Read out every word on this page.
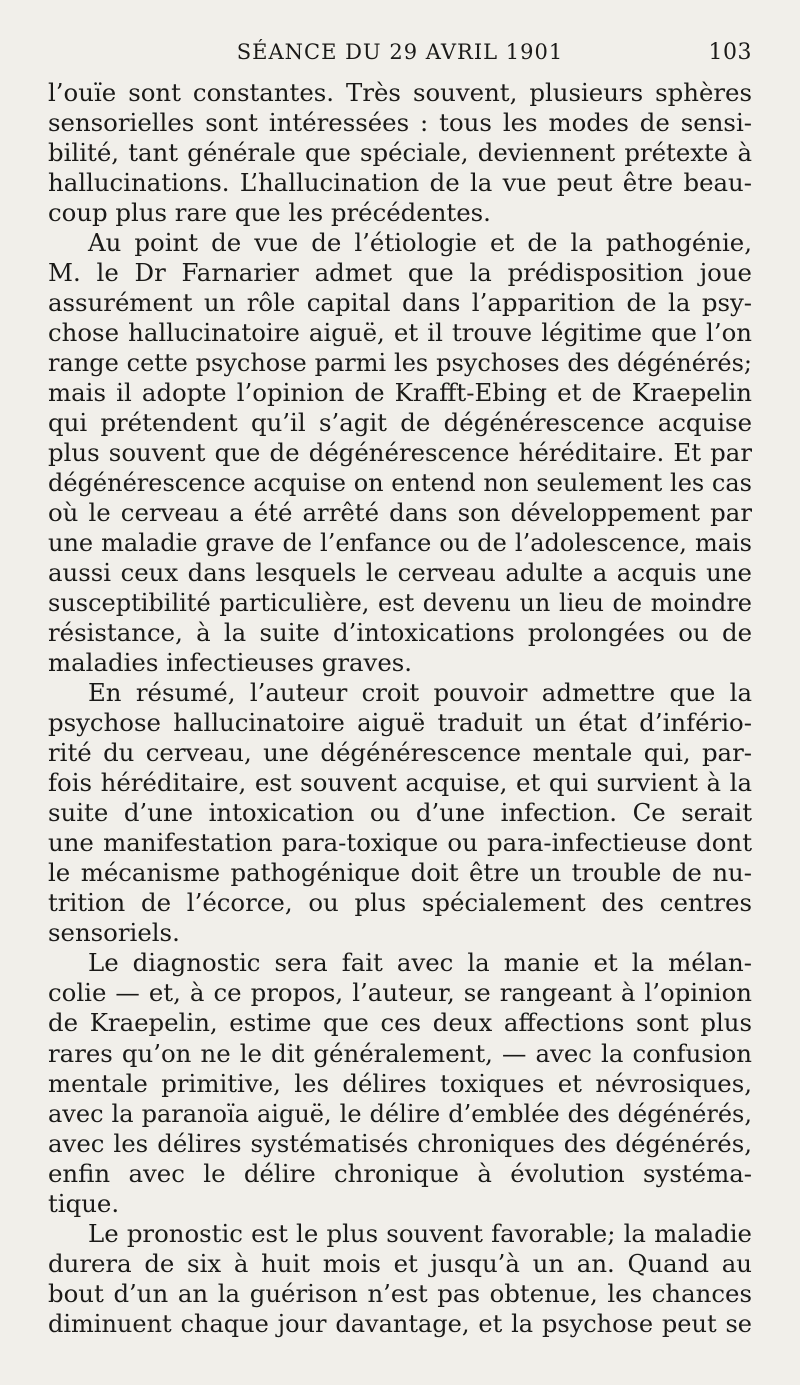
SÉANCE DU 29 AVRIL 1901	103
l’ouïe sont constantes. Très souvent, plusieurs sphères
sensorielles sont intéressées : tous les modes de sensi-
bilité, tant générale que spéciale, deviennent prétexte à
hallucinations. L’hallucination de la vue peut être beau-
coup plus rare que les précédentes.
Au point de vue de l’étiologie et de la pathogénie,
M. le Dr Farnarier admet que la prédisposition joue
assurément un rôle capital dans l’apparition de la psy-
chose hallucinatoire aiguë, et il trouve légitime que l’on
range cette psychose parmi les psychoses des dégénérés;
mais il adopte l’opinion de Krafft-Ebing et de Kraepelin
qui prétendent qu’il s’agit de dégénérescence acquise
plus souvent que de dégénérescence héréditaire. Et par
dégénérescence acquise on entend non seulement les cas
où le cerveau a été arrêté dans son développement par
une maladie grave de l’enfance ou de l’adolescence, mais
aussi ceux dans lesquels le cerveau adulte a acquis une
susceptibilité particulière, est devenu un lieu de moindre
résistance, à la suite d’intoxications prolongées ou de
maladies infectieuses graves.
En résumé, l’auteur croit pouvoir admettre que la
psychose hallucinatoire aiguë traduit un état d’infério-
rité du cerveau, une dégénérescence mentale qui, par-
fois héréditaire, est souvent acquise, et qui survient à la
suite d’une intoxication ou d’une infection. Ce serait
une manifestation para-toxique ou para-infectieuse dont
le mécanisme pathogénique doit être un trouble de nu-
trition de l’écorce, ou plus spécialement des centres
sensoriels.
Le diagnostic sera fait avec la manie et la mélan-
colie — et, à ce propos, l’auteur, se rangeant à l’opinion
de Kraepelin, estime que ces deux affections sont plus
rares qu’on ne le dit généralement, — avec la confusion
mentale primitive, les délires toxiques et névrosiques,
avec la paranoïa aiguë, le délire d’emblée des dégénérés,
avec les délires systématisés chroniques des dégénérés,
enfin avec le délire chronique à évolution systéma-
tique.
Le pronostic est le plus souvent favorable; la maladie
durera de six à huit mois et jusqu’à un an. Quand au
bout d’un an la guérison n’est pas obtenue, les chances
diminuent chaque jour davantage, et la psychose peut se
